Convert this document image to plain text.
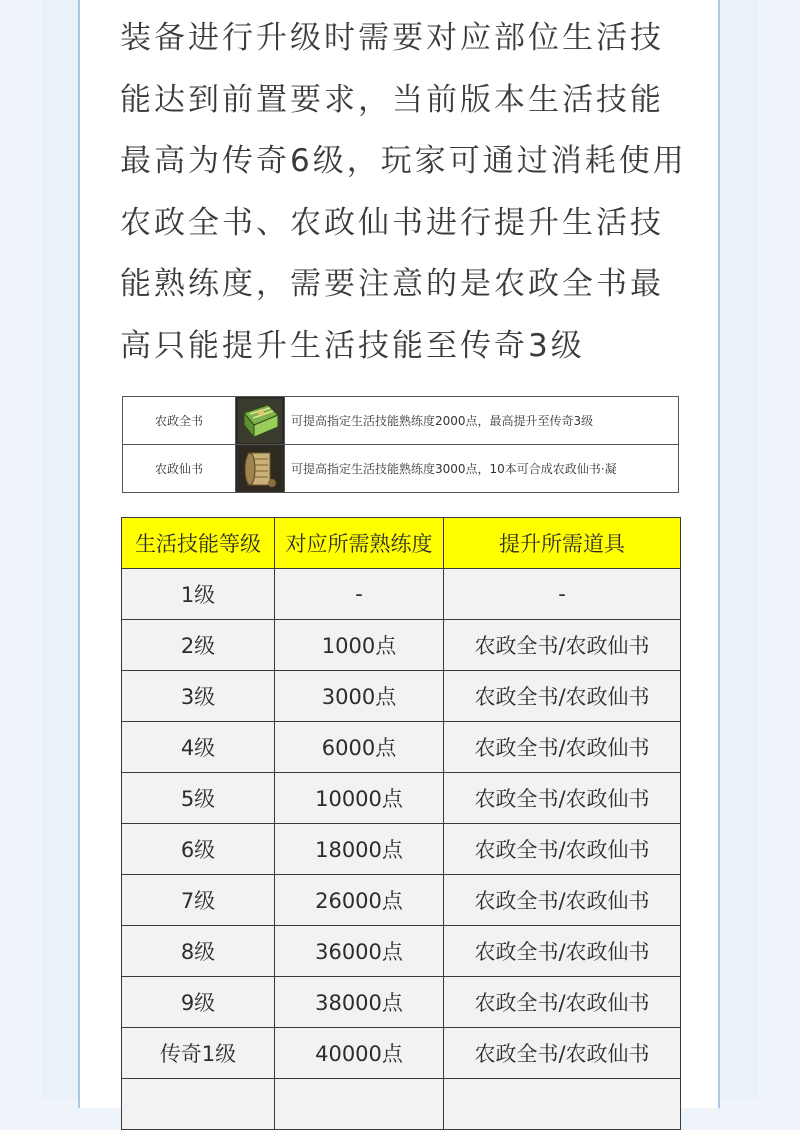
装备进行升级时需要对应部位生活技能达到前置要求，当前版本生活技能最高为传奇6级，玩家可通过消耗使用农政全书、农政仙书进行提升生活技能熟练度，需要注意的是农政全书最高只能提升生活技能至传奇3级

农政全书		可提高指定生活技能熟练度2000点，最高提升至传奇3级
农政仙书		可提高指定生活技能熟练度3000点，10本可合成农政仙书·凝
生活技能等级	对应所需熟练度	提升所需道具
1级	-	-
2级	1000点	农政全书/农政仙书
3级	3000点	农政全书/农政仙书
4级	6000点	农政全书/农政仙书
5级	10000点	农政全书/农政仙书
6级	18000点	农政全书/农政仙书
7级	26000点	农政全书/农政仙书
8级	36000点	农政全书/农政仙书
9级	38000点	农政全书/农政仙书
传奇1级	40000点	农政全书/农政仙书
